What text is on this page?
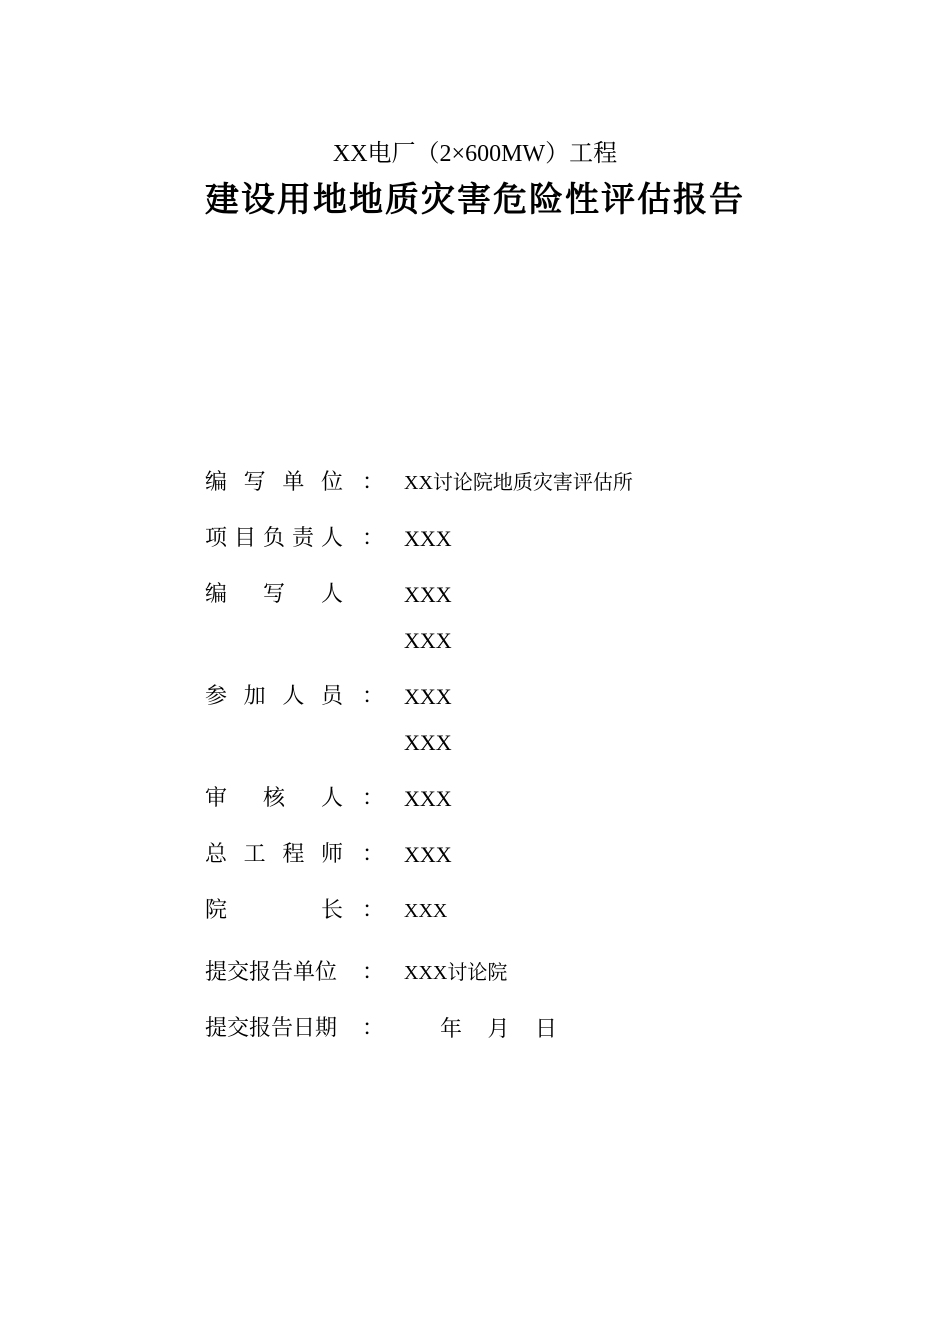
XX电厂（2×600MW）工程
建设用地地质灾害危险性评估报告
编 写 单 位 ： XX讨论院地质灾害评估所
项 目 负 责 人 ： XXX
编 写 人	XXX
XXX
参 加 人 员 ： XXX
XXX
审 核 人 ： XXX
总 工 程 师 ： XXX
院	长 ： XXX
提交报告单位 ： XXX讨论院
提交报告日期 ：	年 月 日
